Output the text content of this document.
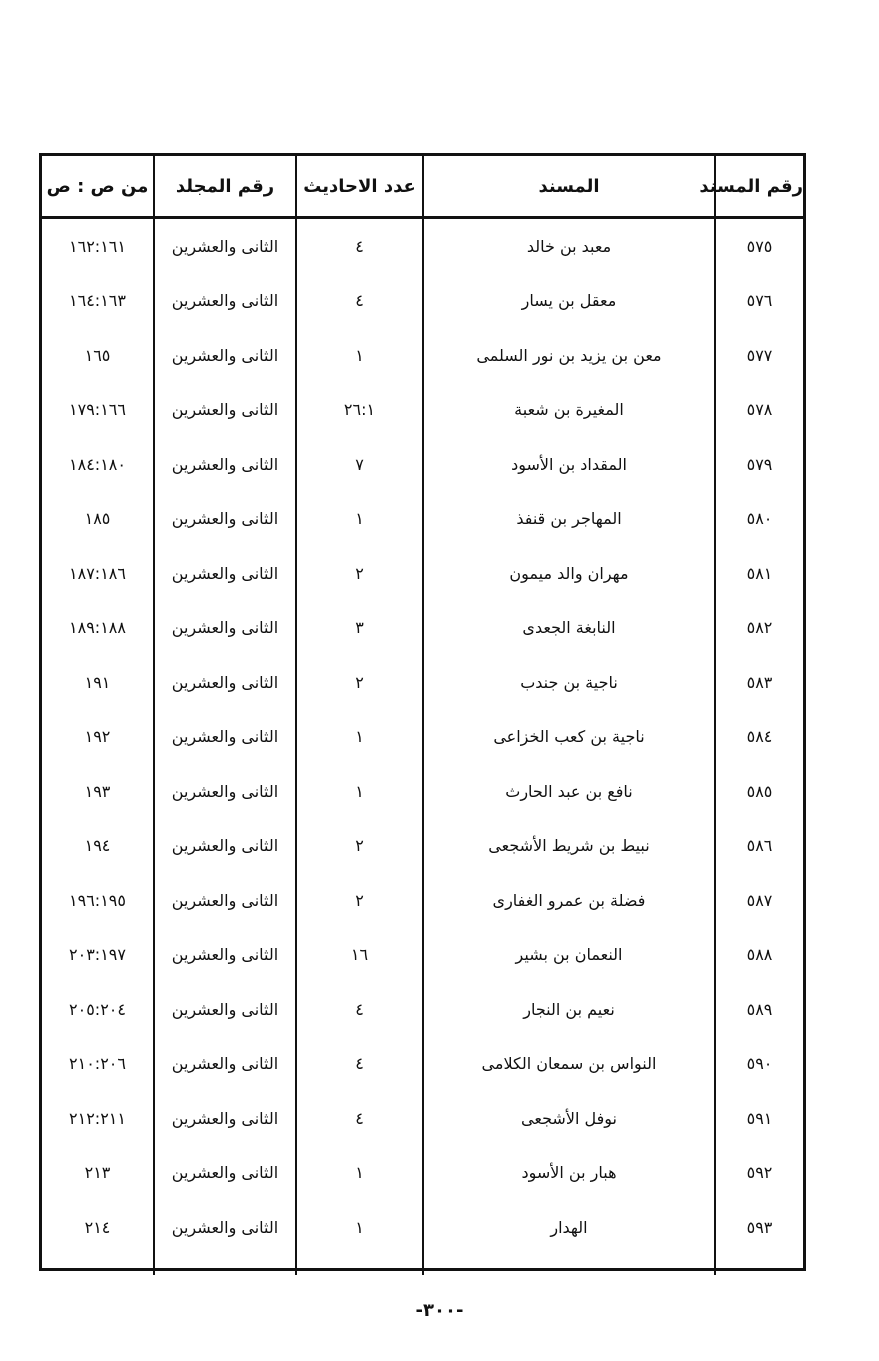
رقم المسند	المسند	عدد الاحاديث	رقم المجلد	من ص : ص
٥٧٥	معبد بن خالد	٤	الثانى والعشرين	١٦٢:١٦١
٥٧٦	معقل بن يسار	٤	الثانى والعشرين	١٦٤:١٦٣
٥٧٧	معن بن يزيد بن نور السلمى	١	الثانى والعشرين	١٦٥
٥٧٨	المغيرة بن شعبة	٢٦:١	الثانى والعشرين	١٧٩:١٦٦
٥٧٩	المقداد بن الأسود	٧	الثانى والعشرين	١٨٤:١٨٠
٥٨٠	المهاجر بن قنفذ	١	الثانى والعشرين	١٨٥
٥٨١	مهران والد ميمون	٢	الثانى والعشرين	١٨٧:١٨٦
٥٨٢	النابغة الجعدى	٣	الثانى والعشرين	١٨٩:١٨٨
٥٨٣	ناجية بن جندب	٢	الثانى والعشرين	١٩١
٥٨٤	ناجية بن كعب الخزاعى	١	الثانى والعشرين	١٩٢
٥٨٥	نافع بن عبد الحارث	١	الثانى والعشرين	١٩٣
٥٨٦	نبيط بن شريط الأشجعى	٢	الثانى والعشرين	١٩٤
٥٨٧	فضلة بن عمرو الغفارى	٢	الثانى والعشرين	١٩٦:١٩٥
٥٨٨	النعمان بن بشير	١٦	الثانى والعشرين	٢٠٣:١٩٧
٥٨٩	نعيم بن النجار	٤	الثانى والعشرين	٢٠٥:٢٠٤
٥٩٠	النواس بن سمعان الكلامى	٤	الثانى والعشرين	٢١٠:٢٠٦
٥٩١	نوفل الأشجعى	٤	الثانى والعشرين	٢١٢:٢١١
٥٩٢	هبار بن الأسود	١	الثانى والعشرين	٢١٣
٥٩٣	الهدار	١	الثانى والعشرين	٢١٤

-٣٠٠-
